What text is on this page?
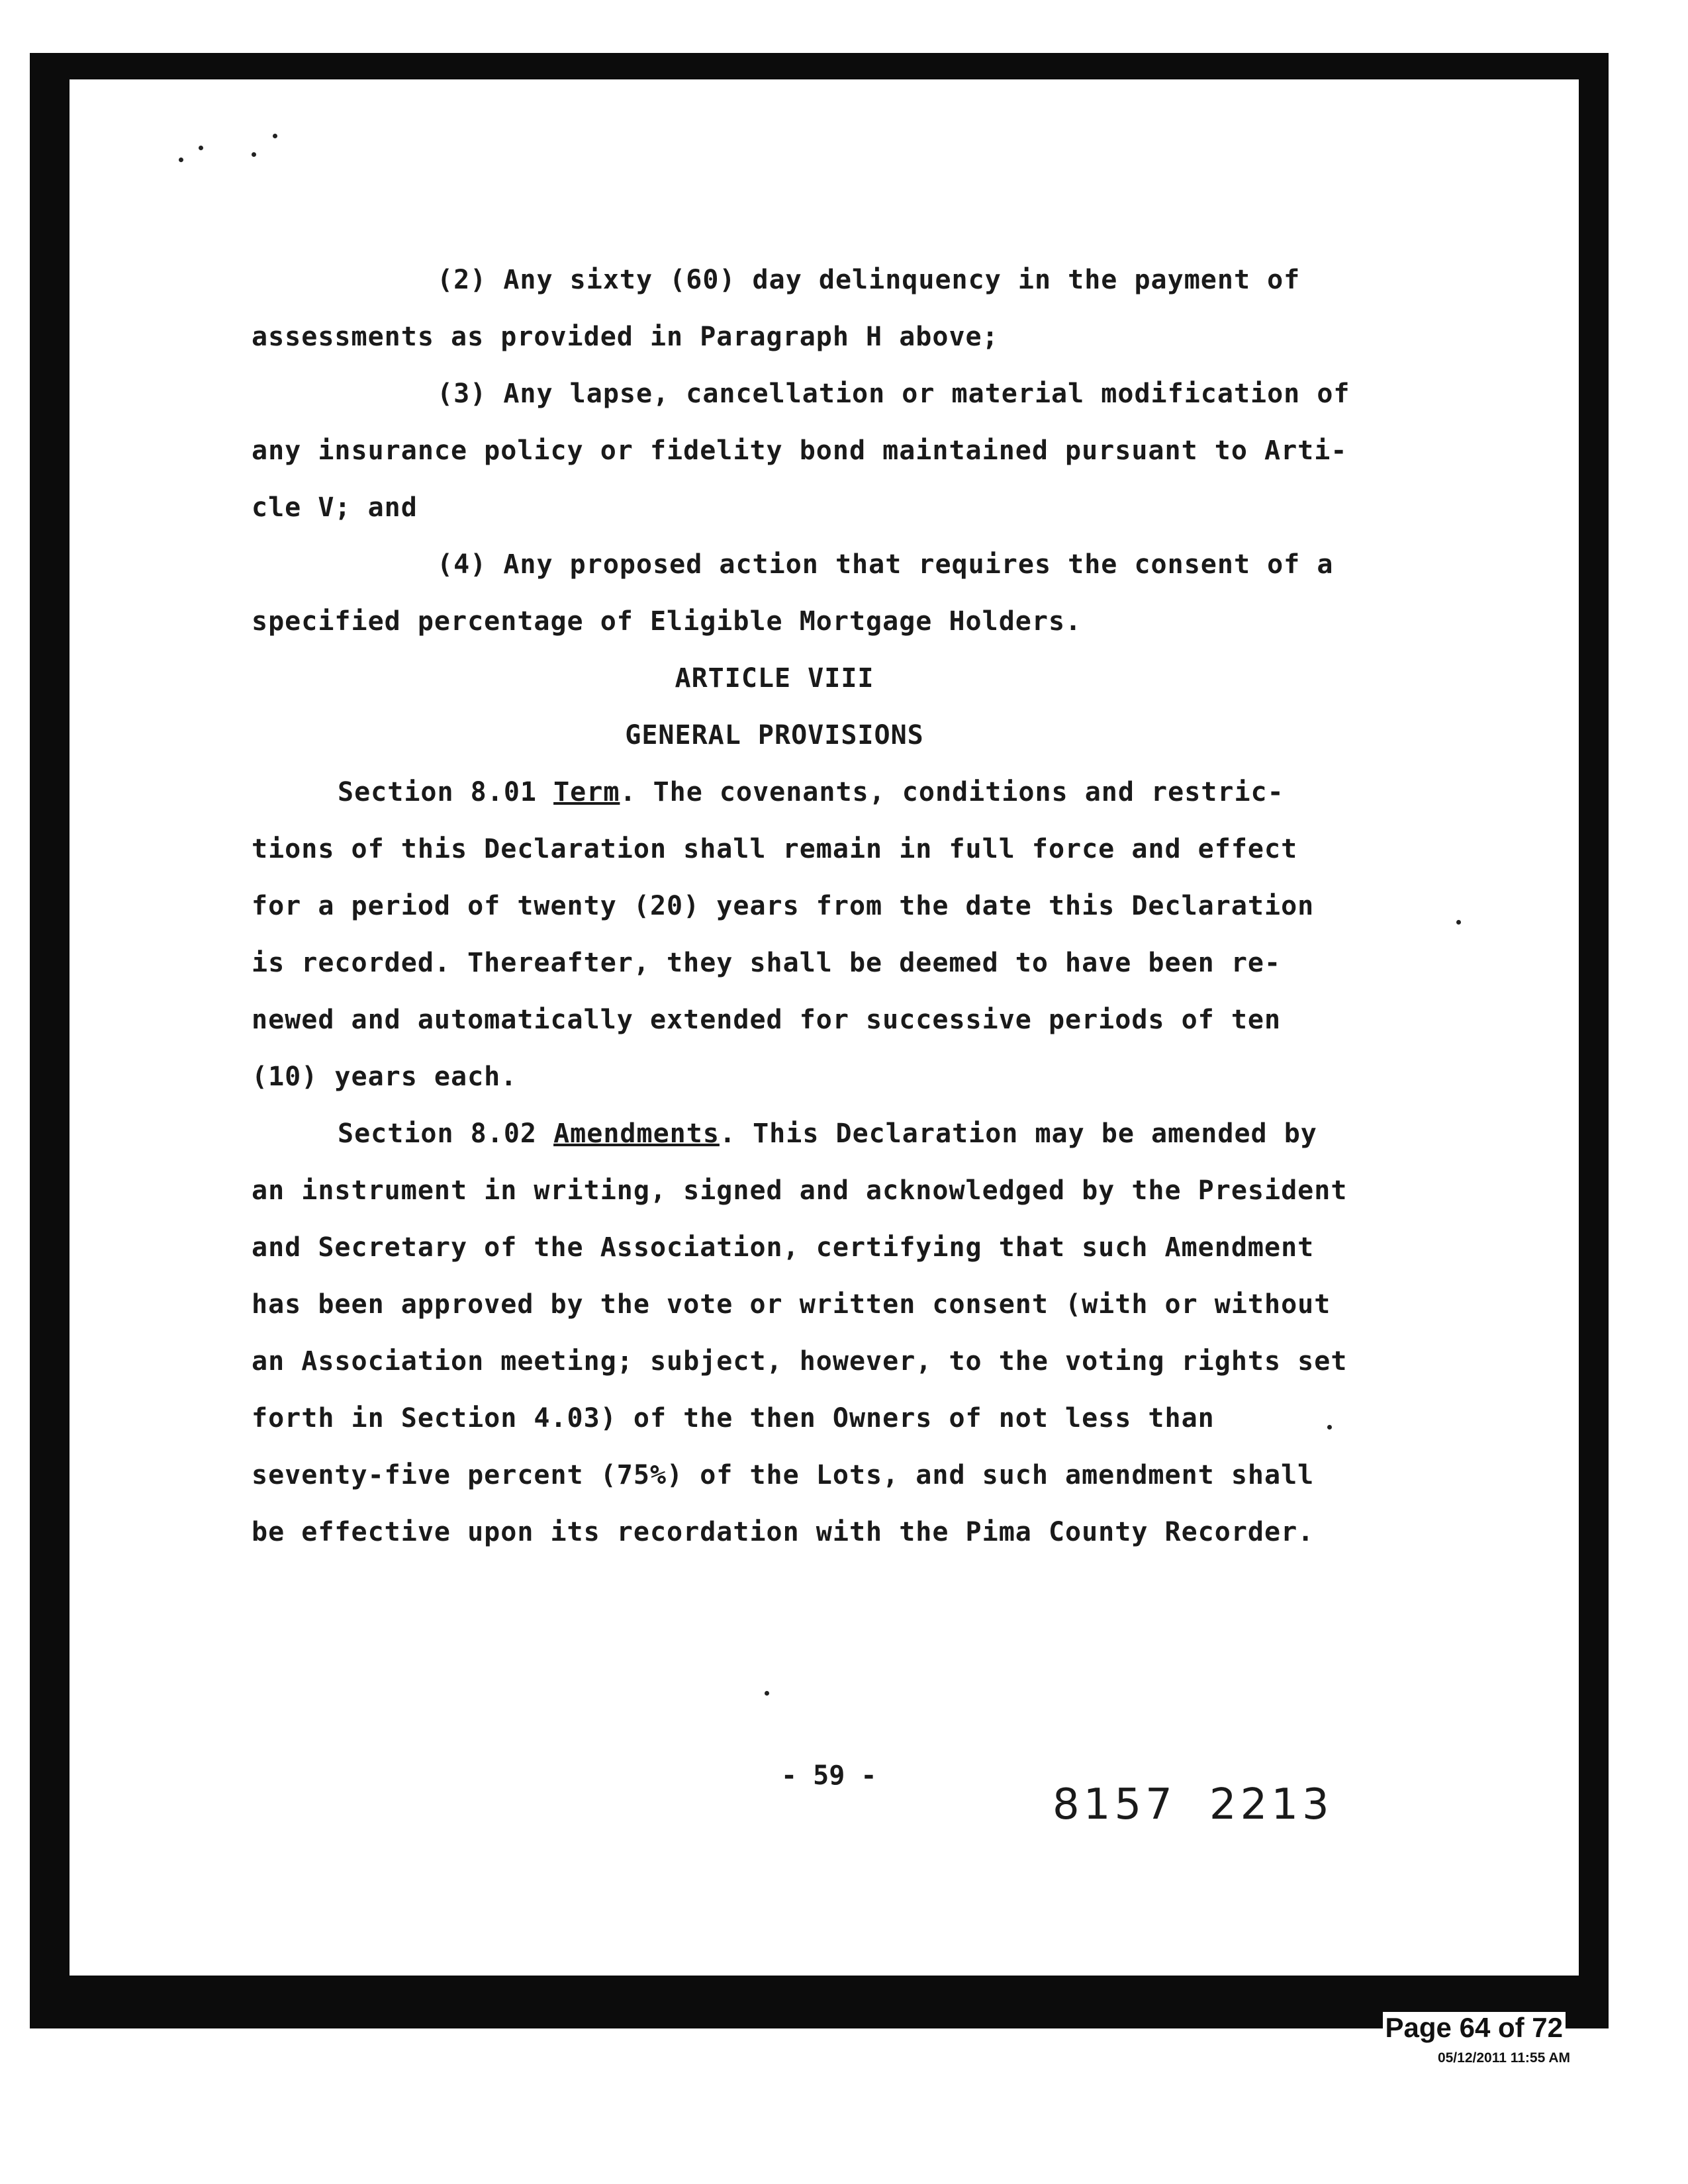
(2) Any sixty (60) day delinquency in the payment of
assessments as provided in Paragraph H above;
(3) Any lapse, cancellation or material modification of
any insurance policy or fidelity bond maintained pursuant to Arti-
cle V; and
(4) Any proposed action that requires the consent of a
specified percentage of Eligible Mortgage Holders.
ARTICLE VIII
GENERAL PROVISIONS
Section 8.01 Term. The covenants, conditions and restric-
tions of this Declaration shall remain in full force and effect
for a period of twenty (20) years from the date this Declaration
is recorded. Thereafter, they shall be deemed to have been re-
newed and automatically extended for successive periods of ten
(10) years each.
Section 8.02 Amendments. This Declaration may be amended by
an instrument in writing, signed and acknowledged by the President
and Secretary of the Association, certifying that such Amendment
has been approved by the vote or written consent (with or without
an Association meeting; subject, however, to the voting rights set
forth in Section 4.03) of the then Owners of not less than
seventy-five percent (75%) of the Lots, and such amendment shall
be effective upon its recordation with the Pima County Recorder.
- 59 -
8157 2213
Page 64 of 72
05/12/2011 11:55 AM
